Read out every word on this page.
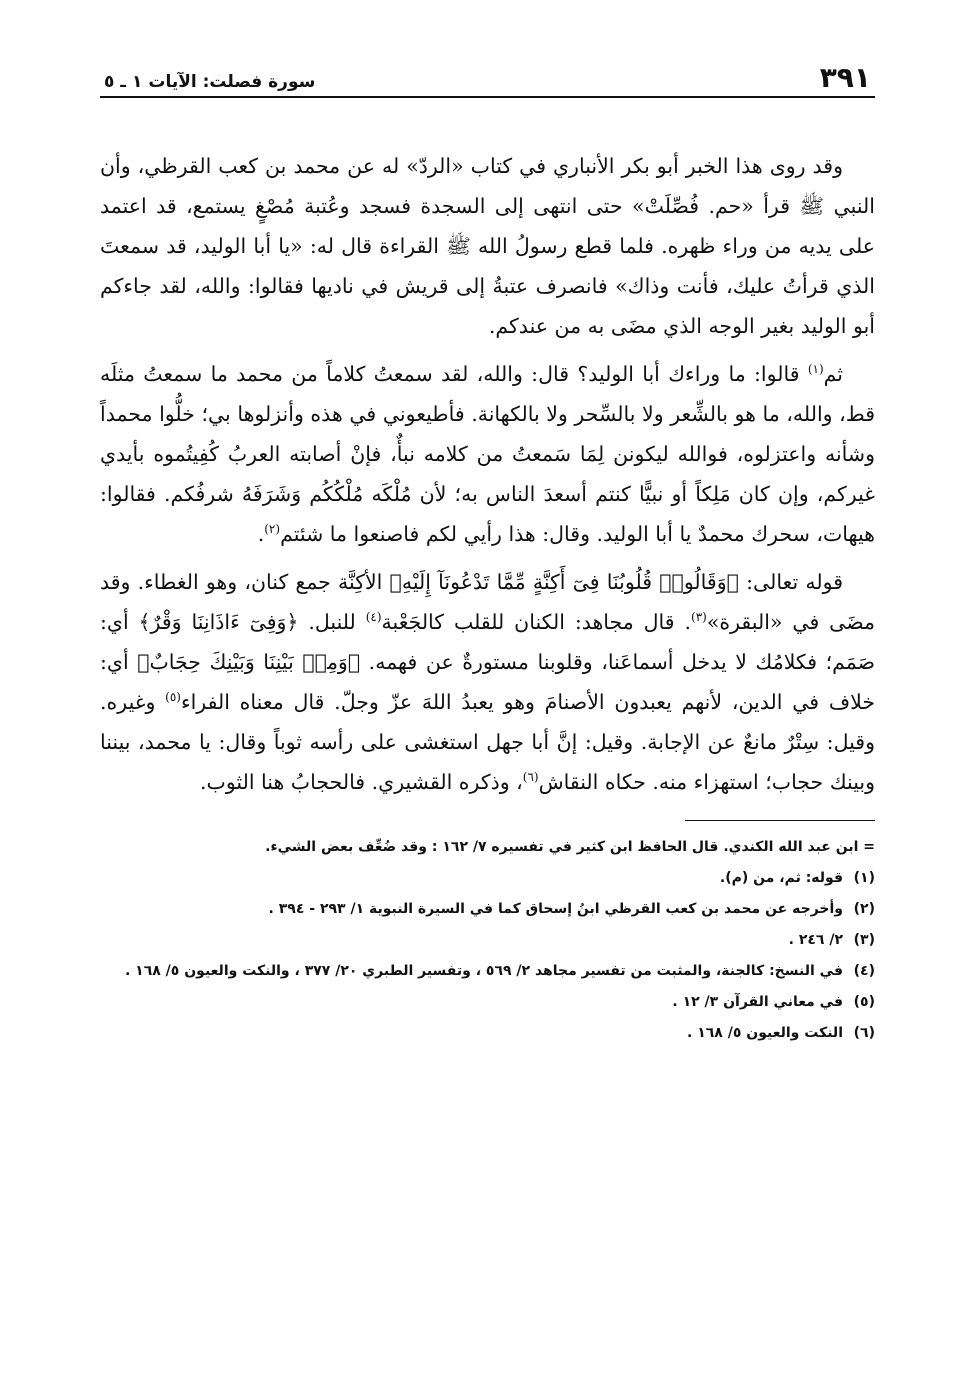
٣٩١
سورة فصلت: الآيات ١ ـ ٥

وقد روى هذا الخبر أبو بكر الأنباري في كتاب «الردّ» له عن محمد بن كعب القرظي، وأن النبي ﷺ قرأ «حم. فُصِّلَتْ» حتى انتهى إلى السجدة فسجد وعُتبة مُصْغٍ يستمع، قد اعتمد على يديه من وراء ظهره. فلما قطع رسولُ الله ﷺ القراءة قال له: «يا أبا الوليد، قد سمعتَ الذي قرأتُ عليك، فأنت وذاك» فانصرف عتبةُ إلى قريش في ناديها فقالوا: والله، لقد جاءكم أبو الوليد بغير الوجه الذي مضَى به من عندكم.

ثم$^{(١)}$ قالوا: ما وراءك أبا الوليد؟ قال: والله، لقد سمعتُ كلاماً من محمد ما سمعتُ مثلَه قط، والله، ما هو بالشِّعر ولا بالسِّحر ولا بالكهانة. فأطيعوني في هذه وأنزلوها بي؛ خلُّوا محمداً وشأنه واعتزلوه، فوالله ليكونن لِمَا سَمعتُ من كلامه نبأٌ، فإنْ أصابته العربُ كُفِيتُموه بأيدي غيركم، وإن كان مَلِكاً أو نبيًّا كنتم أسعدَ الناس به؛ لأن مُلْكَه مُلْكُكُم وَشَرَفَهُ شرفُكم. فقالوا: هيهات، سحرك محمدٌ يا أبا الوليد. وقال: هذا رأيي لكم فاصنعوا ما شئتم$^{(٢)}$.

قوله تعالى: ﴿وَقَالُوا۟ قُلُوبُنَا فِىٓ أَكِنَّةٍ مِّمَّا تَدْعُونَآ إِلَيْهِ﴾ الأكِنَّة جمع كنان، وهو الغطاء. وقد مضَى في «البقرة»$^{(٣)}$. قال مجاهد: الكنان للقلب كالجَعْبة$^{(٤)}$ للنبل. ﴿وَفِىٓ ءَاذَانِنَا وَقْرٌ﴾ أي: صَمَم؛ فكلامُك لا يدخل أسماعَنا، وقلوبنا مستورةٌ عن فهمه. ﴿وَمِنۢ بَيْنِنَا وَبَيْنِكَ حِجَابٌ﴾ أي: خلاف في الدين، لأنهم يعبدون الأصنامَ وهو يعبدُ اللهَ عزّ وجلّ. قال معناه الفراء$^{(٥)}$ وغيره. وقيل: سِتْرٌ مانعٌ عن الإجابة. وقيل: إنَّ أبا جهل استغشى على رأسه ثوباً وقال: يا محمد، بيننا وبينك حجاب؛ استهزاء منه. حكاه النقاش$^{(٦)}$، وذكره القشيري. فالحجابُ هنا الثوب.

= ابن عبد الله الكندي. قال الحافظ ابن كثير في تفسيره ٧/ ١٦٢ : وقد ضُعِّف بعض الشيء.
(١)
قوله: ثم، من (م).
(٢)
وأخرجه عن محمد بن كعب القرظي ابنُ إسحاق كما في السيرة النبوية ١/ ٢٩٣ - ٣٩٤ .
(٣)
٢/ ٢٤٦ .
(٤)
في النسخ: كالجنة، والمثبت من تفسير مجاهد ٢/ ٥٦٩ ، وتفسير الطبري ٢٠/ ٣٧٧ ، والنكت والعيون ٥/ ١٦٨ .
(٥)
في معاني القرآن ٣/ ١٢ .
(٦)
النكت والعيون ٥/ ١٦٨ .
